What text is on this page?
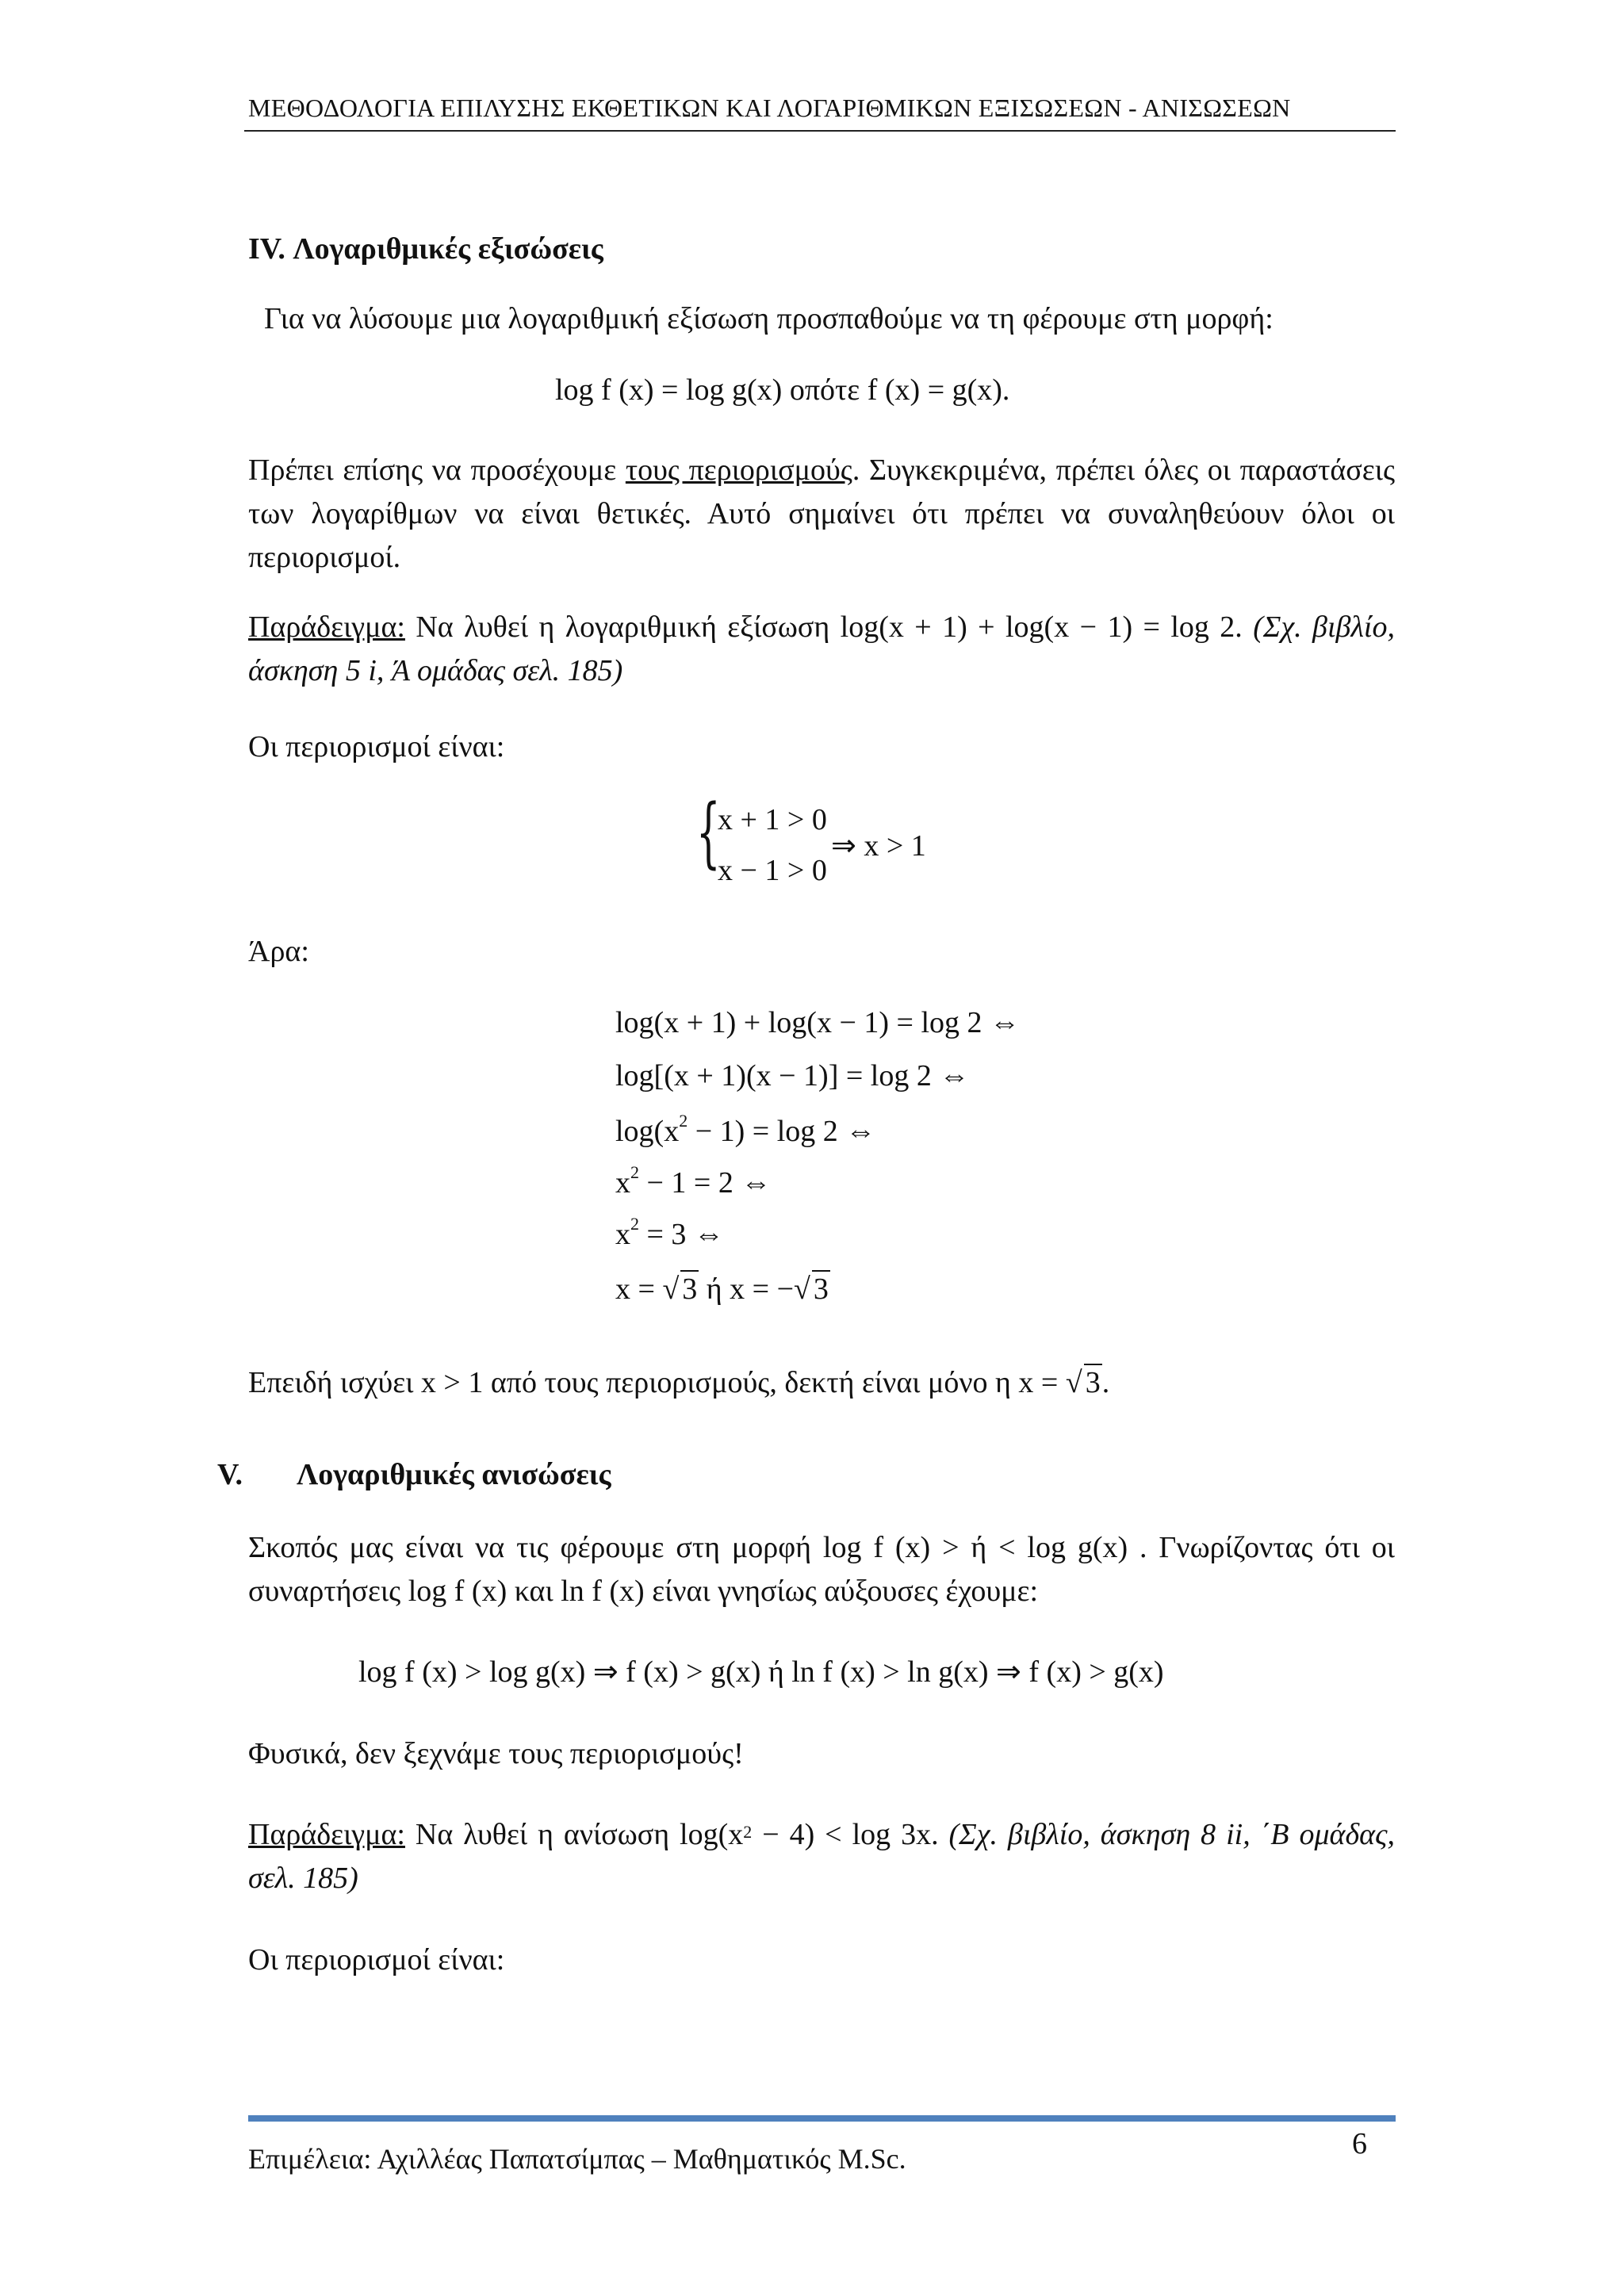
ΜΕΘΟΔΟΛΟΓΙΑ ΕΠΙΛΥΣΗΣ ΕΚΘΕΤΙΚΩΝ ΚΑΙ ΛΟΓΑΡΙΘΜΙΚΩΝ ΕΞΙΣΩΣΕΩΝ - ΑΝΙΣΩΣΕΩΝ
IV. Λογαριθμικές εξισώσεις
Για να λύσουμε μια λογαριθμική εξίσωση προσπαθούμε να τη φέρουμε στη μορφή:
log f (x) = log g(x) οπότε f (x) = g(x).
Πρέπει επίσης να προσέχουμε τους περιορισμούς. Συγκεκριμένα, πρέπει όλες οι παραστάσεις των λογαρίθμων να είναι θετικές. Αυτό σημαίνει ότι πρέπει να συναληθεύουν όλοι οι περιορισμοί.
Παράδειγμα: Να λυθεί η λογαριθμική εξίσωση log(x + 1) + log(x − 1) = log 2. (Σχ. βιβλίο, άσκηση 5 i, Ά ομάδας σελ. 185)
Οι περιορισμοί είναι:
{
x + 1 > 0
x − 1 > 0
⇒ x > 1
Άρα:
log(x + 1) + log(x − 1) = log 2 ⇔
log[(x + 1)(x − 1)] = log 2 ⇔
$\log(x^2 - 1) = \log 2$ ⇔
$x^2 - 1 = 2$ ⇔
$x^2 = 3$ ⇔
x = √ 3 ή x = −√ 3
Επειδή ισχύει x > 1 από τους περιορισμούς, δεκτή είναι μόνο η x = √ 3.
V. Λογαριθμικές ανισώσεις
Σκοπός μας είναι να τις φέρουμε στη μορφή log f (x) > ή < log g(x) . Γνωρίζοντας ότι οι συναρτήσεις log f (x) και ln f (x) είναι γνησίως αύξουσες έχουμε:
log f (x) > log g(x) ⇒ f (x) > g(x) ή ln f (x) > ln g(x) ⇒ f (x) > g(x)
Φυσικά, δεν ξεχνάμε τους περιορισμούς!
Παράδειγμα: Να λυθεί η ανίσωση $\log(x^2 - 4) < \log 3x$. (Σχ. βιβλίο, άσκηση 8 ii, ΄Β ομάδας, σελ. 185)
Οι περιορισμοί είναι:
6
Επιμέλεια: Αχιλλέας Παπατσίμπας – Μαθηματικός M.Sc.
